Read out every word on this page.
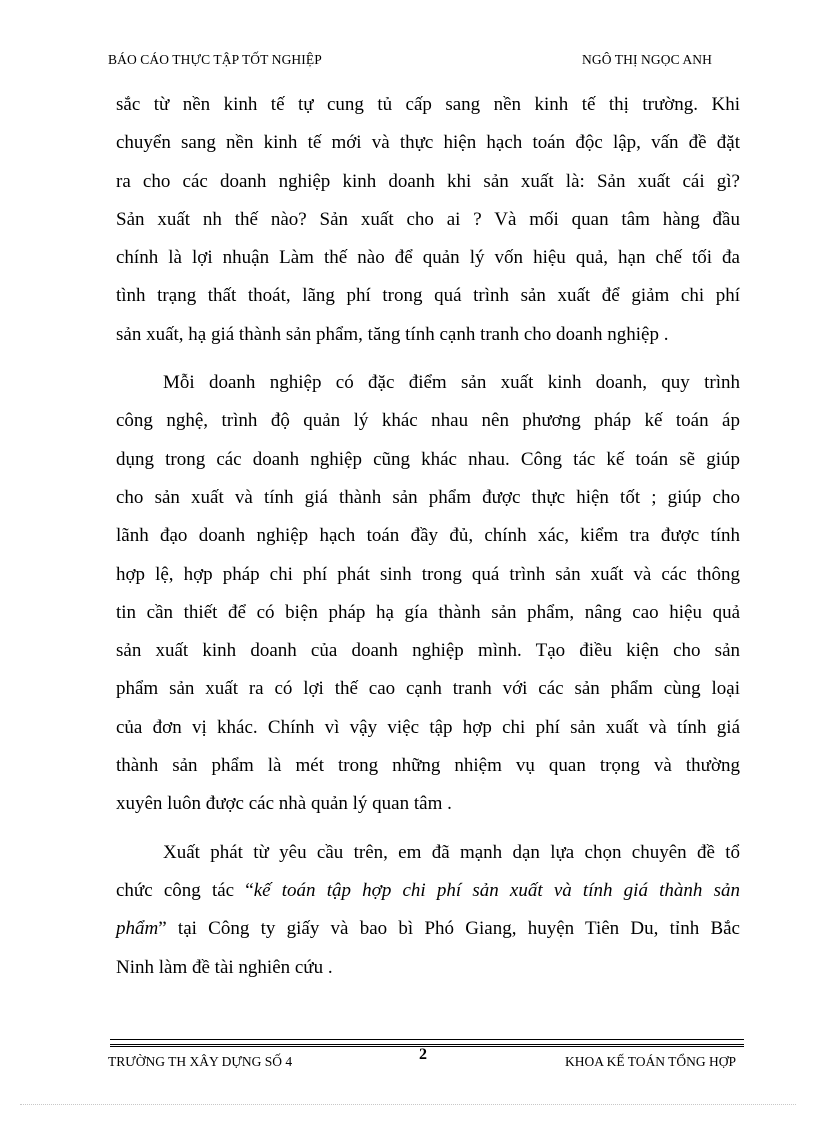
BÁO CÁO THỰC TẬP TỐT NGHIỆP	NGÔ THỊ NGỌC ANH
sắc từ nền kinh tế tự cung tủ cấp sang nền kinh tế thị trường. Khi
chuyển sang nền kinh tế mới và thực hiện hạch toán độc lập, vấn đề đặt
ra cho các doanh nghiệp kinh doanh khi sản xuất là: Sản xuất cái gì?
Sản xuất nh thế nào? Sản xuất cho ai ? Và mối quan tâm hàng đầu
chính là lợi nhuận Làm thế nào để quản lý vốn hiệu quả, hạn chế tối đa
tình trạng thất thoát, lãng phí trong quá trình sản xuất để giảm chi phí
sản xuất, hạ giá thành sản phẩm, tăng tính cạnh tranh cho doanh nghiệp .
Mỗi doanh nghiệp có đặc điểm sản xuất kinh doanh, quy trình
công nghệ, trình độ quản lý khác nhau nên phương pháp kế toán áp
dụng trong các doanh nghiệp cũng khác nhau. Công tác kế toán sẽ giúp
cho sản xuất và tính giá thành sản phẩm được thực hiện tốt ; giúp cho
lãnh đạo doanh nghiệp hạch toán đầy đủ, chính xác, kiểm tra được tính
hợp lệ, hợp pháp chi phí phát sinh trong quá trình sản xuất và các thông
tin cần thiết để có biện pháp hạ gía thành sản phẩm, nâng cao hiệu quả
sản xuất kinh doanh của doanh nghiệp mình. Tạo điều kiện cho sản
phẩm sản xuất ra có lợi thế cao cạnh tranh với các sản phẩm cùng loại
của đơn vị khác. Chính vì vậy việc tập hợp chi phí sản xuất và tính giá
thành sản phẩm là mét trong những nhiệm vụ quan trọng và thường
xuyên luôn được các nhà quản lý quan tâm .
Xuất phát từ yêu cầu trên, em đã mạnh dạn lựa chọn chuyên đề tổ
chức công tác “kế toán tập hợp chi phí sản xuất và tính giá thành sản
phẩm” tại Công ty giấy và bao bì Phó Giang, huyện Tiên Du, tỉnh Bắc
Ninh làm đề tài nghiên cứu .
2
TRƯỜNG TH XÂY DỰNG SỐ 4	KHOA KẾ TOÁN TỔNG HỢP
